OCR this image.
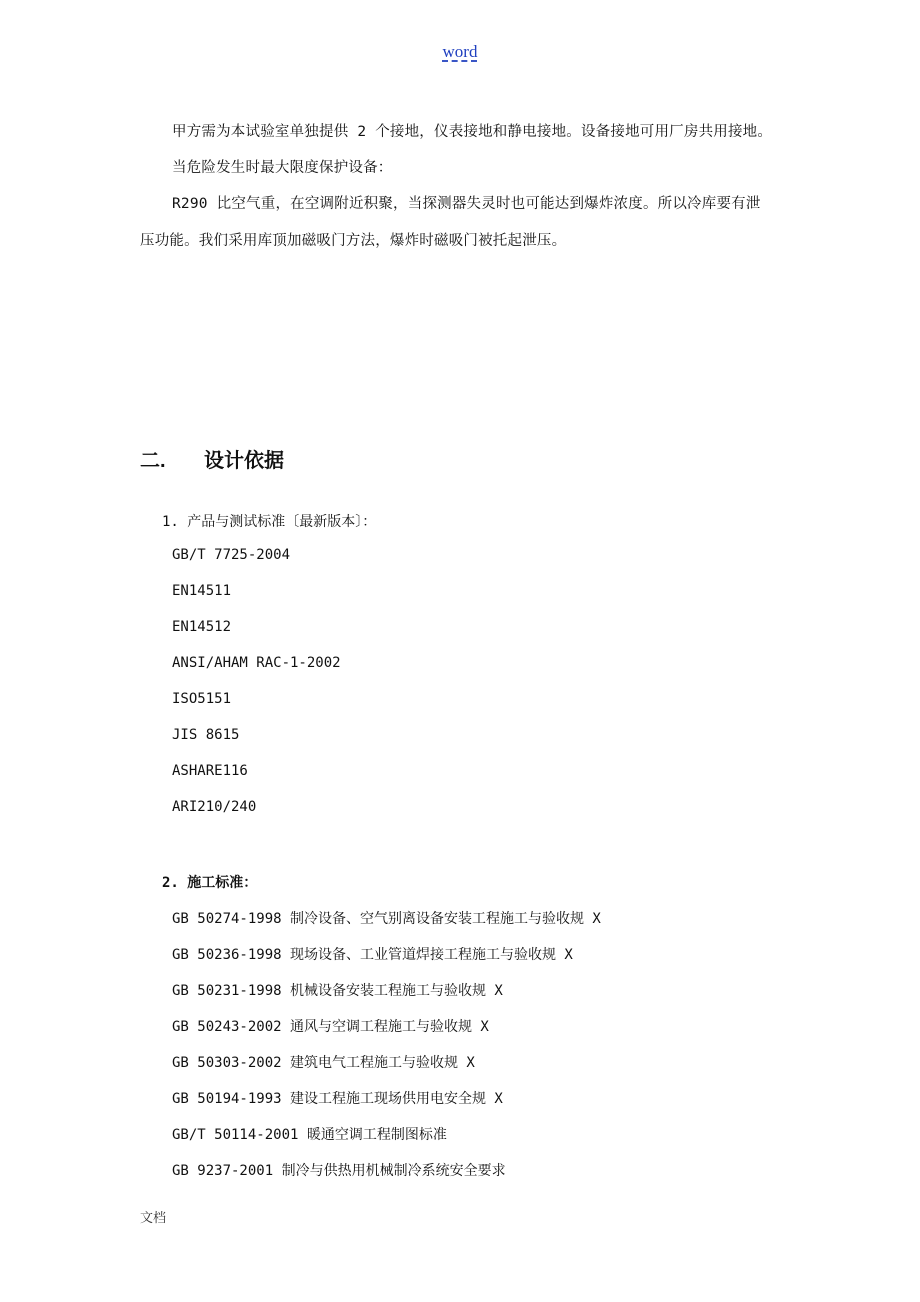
word
甲方需为本试验室单独提供 2 个接地，仪表接地和静电接地。设备接地可用厂房共用接地。
当危险发生时最大限度保护设备：
R290 比空气重，在空调附近积聚，当探测器失灵时也可能达到爆炸浓度。所以冷库要有泄
压功能。我们采用库顶加磁吸门方法，爆炸时磁吸门被托起泄压。
二. 设计依据
1. 产品与测试标准〔最新版本〕：
GB/T 7725-2004
EN14511
EN14512
ANSI/AHAM RAC-1-2002
ISO5151
JIS 8615
ASHARE116
ARI210/240
2. 施工标准：
GB 50274-1998 制冷设备、空气别离设备安装工程施工与验收规 X
GB 50236-1998 现场设备、工业管道焊接工程施工与验收规 X
GB 50231-1998 机械设备安装工程施工与验收规 X
GB 50243-2002 通风与空调工程施工与验收规 X
GB 50303-2002 建筑电气工程施工与验收规 X
GB 50194-1993 建设工程施工现场供用电安全规 X
GB/T 50114-2001 暖通空调工程制图标准
GB 9237-2001 制冷与供热用机械制冷系统安全要求
文档
